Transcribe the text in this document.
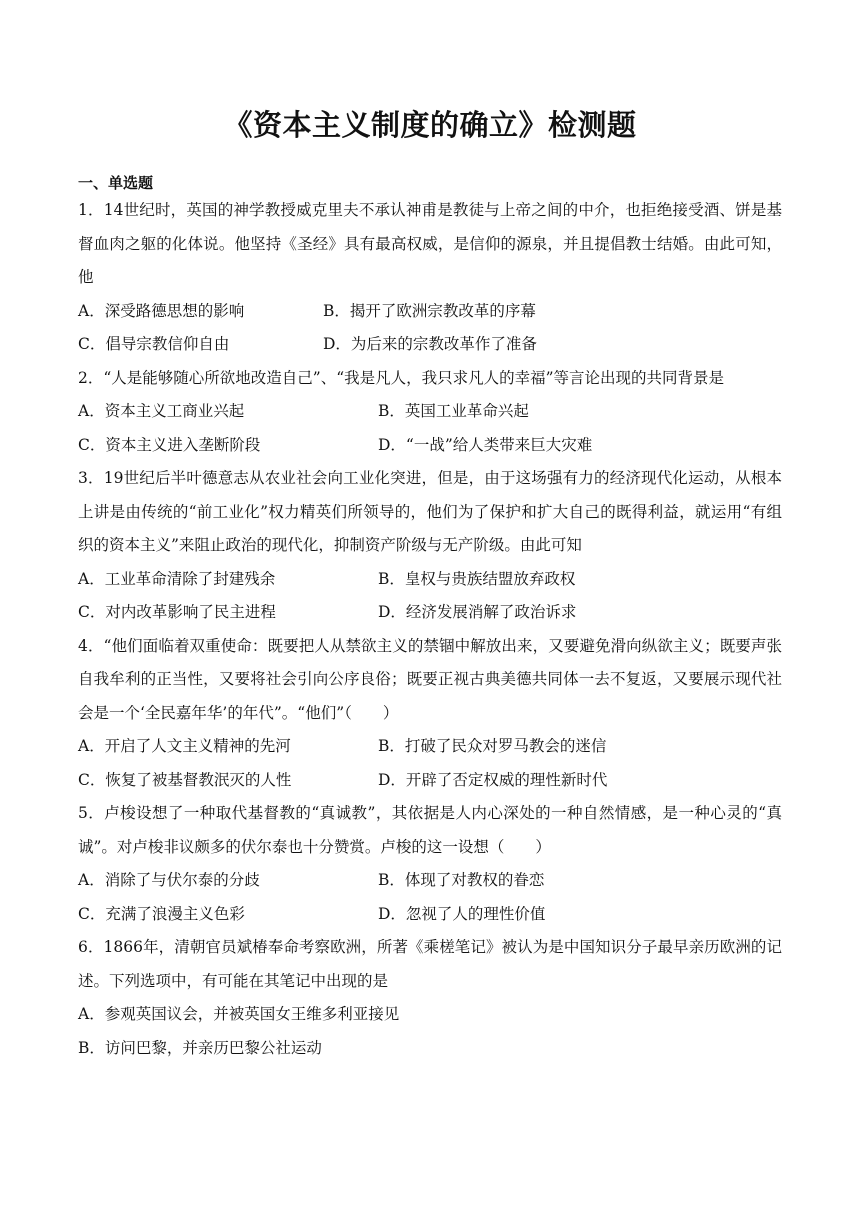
《资本主义制度的确立》检测题
一、单选题

1．14世纪时，英国的神学教授威克里夫不承认神甫是教徒与上帝之间的中介，也拒绝接受酒、饼是基督血肉之躯的化体说。他坚持《圣经》具有最高权威，是信仰的源泉，并且提倡教士结婚。由此可知，他

A．深受路德思想的影响	B．揭开了欧洲宗教改革的序幕
C．倡导宗教信仰自由	D．为后来的宗教改革作了准备

2．“人是能够随心所欲地改造自己”、“我是凡人，我只求凡人的幸福”等言论出现的共同背景是

A．资本主义工商业兴起	B．英国工业革命兴起
C．资本主义进入垄断阶段	D．“一战”给人类带来巨大灾难

3．19世纪后半叶德意志从农业社会向工业化突进，但是，由于这场强有力的经济现代化运动，从根本上讲是由传统的“前工业化”权力精英们所领导的，他们为了保护和扩大自己的既得利益，就运用“有组织的资本主义”来阻止政治的现代化，抑制资产阶级与无产阶级。由此可知

A．工业革命清除了封建残余	B．皇权与贵族结盟放弃政权
C．对内改革影响了民主进程	D．经济发展消解了政治诉求

4．“他们面临着双重使命：既要把人从禁欲主义的禁锢中解放出来，又要避免滑向纵欲主义；既要声张自我牟利的正当性，又要将社会引向公序良俗；既要正视古典美德共同体一去不复返，又要展示现代社会是一个‘全民嘉年华’的年代”。“他们”（　　）

A．开启了人文主义精神的先河	B．打破了民众对罗马教会的迷信
C．恢复了被基督教泯灭的人性	D．开辟了否定权威的理性新时代

5．卢梭设想了一种取代基督教的“真诚教”，其依据是人内心深处的一种自然情感，是一种心灵的“真诚”。对卢梭非议颇多的伏尔泰也十分赞赏。卢梭的这一设想（　　）

A．消除了与伏尔泰的分歧	B．体现了对教权的眷恋
C．充满了浪漫主义色彩	D．忽视了人的理性价值

6．1866年，清朝官员斌椿奉命考察欧洲，所著《乘槎笔记》被认为是中国知识分子最早亲历欧洲的记述。下列选项中，有可能在其笔记中出现的是

A．参观英国议会，并被英国女王维多利亚接见
B．访问巴黎，并亲历巴黎公社运动
